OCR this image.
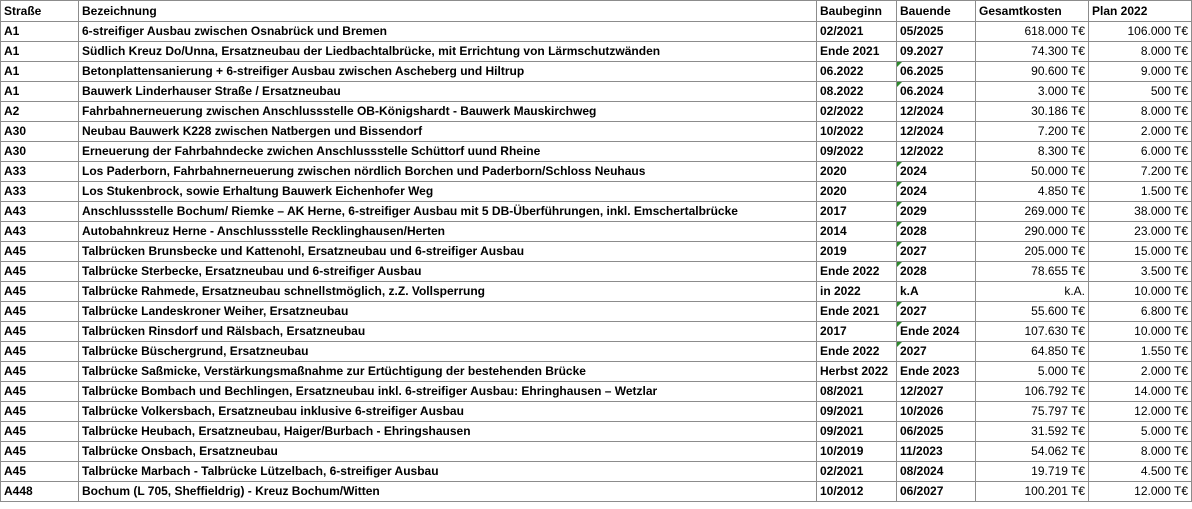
Straße	Bezeichnung	Baubeginn	Bauende	Gesamtkosten	Plan 2022
A1	6-streifiger Ausbau zwischen Osnabrück und Bremen	02/2021	05/2025	618.000 T€	106.000 T€
A1	Südlich Kreuz Do/Unna, Ersatzneubau der Liedbachtalbrücke, mit Errichtung von Lärmschutzwänden	Ende 2021	09.2027	74.300 T€	8.000 T€
A1	Betonplattensanierung + 6-streifiger Ausbau zwischen Ascheberg und Hiltrup	06.2022	06.2025	90.600 T€	9.000 T€
A1	Bauwerk Linderhauser Straße / Ersatzneubau	08.2022	06.2024	3.000 T€	500 T€
A2	Fahrbahnerneuerung zwischen Anschlussstelle OB-Königshardt - Bauwerk Mauskirchweg	02/2022	12/2024	30.186 T€	8.000 T€
A30	Neubau Bauwerk K228 zwischen Natbergen und Bissendorf	10/2022	12/2024	7.200 T€	2.000 T€
A30	Erneuerung der Fahrbahndecke zwichen Anschlussstelle Schüttorf uund Rheine	09/2022	12/2022	8.300 T€	6.000 T€
A33	Los Paderborn, Fahrbahnerneuerung zwischen nördlich Borchen und Paderborn/Schloss Neuhaus	2020	2024	50.000 T€	7.200 T€
A33	Los Stukenbrock, sowie Erhaltung Bauwerk Eichenhofer Weg	2020	2024	4.850 T€	1.500 T€
A43	Anschlussstelle Bochum/ Riemke – AK Herne, 6-streifiger Ausbau mit 5 DB-Überführungen, inkl. Emschertalbrücke	2017	2029	269.000 T€	38.000 T€
A43	Autobahnkreuz Herne - Anschlussstelle Recklinghausen/Herten	2014	2028	290.000 T€	23.000 T€
A45	Talbrücken Brunsbecke und Kattenohl, Ersatzneubau und 6-streifiger Ausbau	2019	2027	205.000 T€	15.000 T€
A45	Talbrücke Sterbecke, Ersatzneubau und 6-streifiger Ausbau	Ende 2022	2028	78.655 T€	3.500 T€
A45	Talbrücke Rahmede, Ersatzneubau schnellstmöglich, z.Z. Vollsperrung	in 2022	k.A	k.A.	10.000 T€
A45	Talbrücke Landeskroner Weiher, Ersatzneubau	Ende 2021	2027	55.600 T€	6.800 T€
A45	Talbrücken Rinsdorf und Rälsbach, Ersatzneubau	2017	Ende 2024	107.630 T€	10.000 T€
A45	Talbrücke Büschergrund, Ersatzneubau	Ende 2022	2027	64.850 T€	1.550 T€
A45	Talbrücke Saßmicke, Verstärkungsmaßnahme zur Ertüchtigung der bestehenden Brücke	Herbst 2022	Ende 2023	5.000 T€	2.000 T€
A45	Talbrücke Bombach und Bechlingen, Ersatzneubau inkl. 6-streifiger Ausbau: Ehringhausen – Wetzlar	08/2021	12/2027	106.792 T€	14.000 T€
A45	Talbrücke Volkersbach, Ersatzneubau inklusive 6-streifiger Ausbau	09/2021	10/2026	75.797 T€	12.000 T€
A45	Talbrücke Heubach, Ersatzneubau, Haiger/Burbach - Ehringshausen	09/2021	06/2025	31.592 T€	5.000 T€
A45	Talbrücke Onsbach, Ersatzneubau	10/2019	11/2023	54.062 T€	8.000 T€
A45	Talbrücke Marbach - Talbrücke Lützelbach, 6-streifiger Ausbau	02/2021	08/2024	19.719 T€	4.500 T€
A448	Bochum (L 705, Sheffieldrig) - Kreuz Bochum/Witten	10/2012	06/2027	100.201 T€	12.000 T€
